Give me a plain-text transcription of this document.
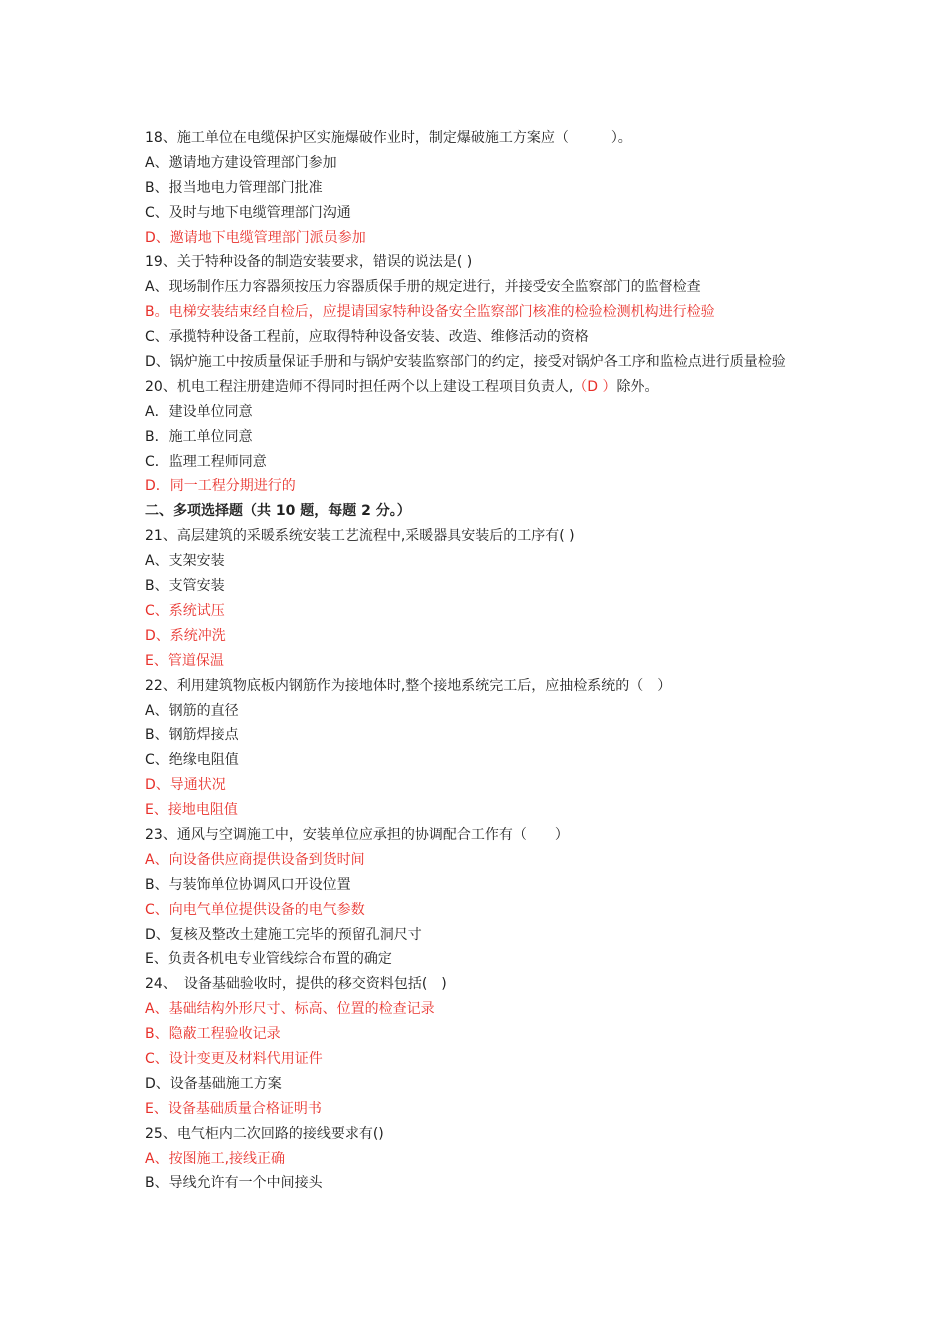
18、施工单位在电缆保护区实施爆破作业时，制定爆破施工方案应（　　　）。
A、邀请地方建设管理部门参加
B、报当地电力管理部门批准
C、及时与地下电缆管理部门沟通
D、邀请地下电缆管理部门派员参加
19、关于特种设备的制造安装要求，错误的说法是( )
A、现场制作压力容器须按压力容器质保手册的规定进行，并接受安全监察部门的监督检查
B。电梯安装结束经自检后，应提请国家特种设备安全监察部门核准的检验检测机构进行检验
C、承揽特种设备工程前，应取得特种设备安装、改造、维修活动的资格
D、锅炉施工中按质量保证手册和与锅炉安装监察部门的约定，接受对锅炉各工序和监检点进行质量检验
20、机电工程注册建造师不得同时担任两个以上建设工程项目负责人,（D ）除外。
A．建设单位同意
B．施工单位同意
C．监理工程师同意
D．同一工程分期进行的
二、多项选择题（共 10 题，每题 2 分。）
21、高层建筑的采暖系统安装工艺流程中,采暖器具安装后的工序有( )
A、支架安装
B、支管安装
C、系统试压
D、系统冲洗
E、管道保温
22、利用建筑物底板内钢筋作为接地体时,整个接地系统完工后，应抽检系统的（　）
A、钢筋的直径
B、钢筋焊接点
C、绝缘电阻值
D、导通状况
E、接地电阻值
23、通风与空调施工中，安装单位应承担的协调配合工作有（　　）
A、向设备供应商提供设备到货时间
B、与装饰单位协调风口开设位置
C、向电气单位提供设备的电气参数
D、复核及整改土建施工完毕的预留孔洞尺寸
E、负责各机电专业管线综合布置的确定
24、　设备基础验收时，提供的移交资料包括(　)
A、基础结构外形尺寸、标高、位置的检查记录
B、隐蔽工程验收记录
C、设计变更及材料代用证件
D、设备基础施工方案
E、设备基础质量合格证明书
25、电气柜内二次回路的接线要求有()
A、按图施工,接线正确
B、导线允许有一个中间接头
